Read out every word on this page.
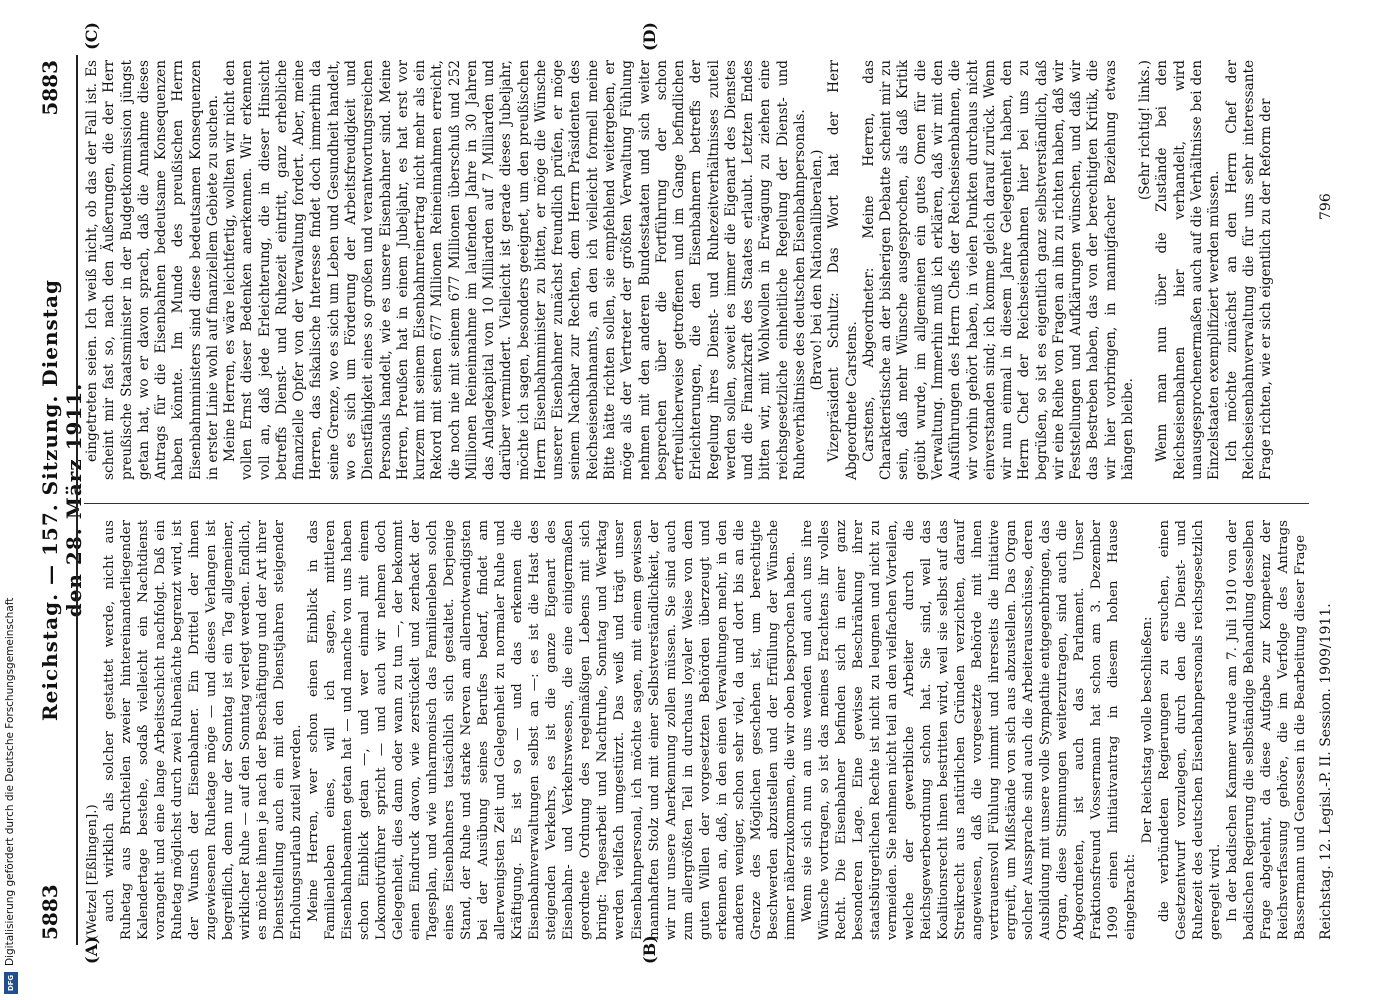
5883
Reichstag. — 157. Sitzung. Dienstag den 28. März 1911.
5883
(A)	(B)
(C)	(D)

(Wetzel [Eßlingen].) auch wirklich als solcher gestattet werde, nicht aus Ruhetag aus Bruchteilen zweier hintereinanderliegender Kalendertage bestehe, sodaß vielleicht ein Nachtdienst vorangeht und eine lange Arbeitsschicht nachfolgt. Daß ein Ruhetag möglichst durch zwei Ruhenächte begrenzt wird, ist der Wunsch der Eisenbahner. Ein Drittel der ihnen zugewiesenen Ruhetage möge — und dieses Verlangen ist begreiflich, denn nur der Sonntag ist ein Tag allgemeiner, wirklicher Ruhe — auf den Sonntag verlegt werden. Endlich, es möchte ihnen je nach der Beschäftigung und der Art ihrer Dienststellung auch ein mit den Dienstjahren steigender Erholungsurlaub zuteil werden. Meine Herren, wer schon einen Einblick in das Familienleben eines, will ich sagen, mittleren Eisenbahnbeamten getan hat — und manche von uns haben schon Einblick getan —, und wer einmal mit einem Lokomotivführer spricht — und auch wir nehmen doch Gelegenheit, dies dann oder wann zu tun —, der bekommt einen Eindruck davon, wie zerstückelt und zerhackt der Tagesplan, und wie unharmonisch das Familienleben solch eines Eisenbahners tatsächlich sich gestaltet. Derjenige Stand, der Ruhe und starke Nerven am allernotwendigsten bei der Ausübung seines Berufes bedarf, findet am allerwenigsten Zeit und Gelegenheit zu normaler Ruhe und Kräftigung. Es ist so — und das erkennen die Eisenbahnverwaltungen selbst an —: es ist die Hast des steigenden Verkehrs, es ist die ganze Eigenart des Eisenbahn- und Verkehrswesens, die eine einigermaßen geordnete Ordnung des regelmäßigen Lebens mit sich bringt: Tagesarbeit und Nachtruhe, Sonntag und Werktag werden vielfach umgestürzt. Das weiß und trägt unser Eisenbahnpersonal, ich möchte sagen, mit einem gewissen mannhaften Stolz und mit einer Selbstverständlichkeit, der wir nur unsere Anerkennung zollen müssen. Sie sind auch zum allergrößten Teil in durchaus loyaler Weise von dem guten Willen der vorgesetzten Behörden überzeugt und erkennen an, daß, in den einen Verwaltungen mehr, in den anderen weniger, schon sehr viel, da und dort bis an die Grenze des Möglichen geschehen ist, um berechtigte Beschwerden abzustellen und der Erfüllung der Wünsche immer näherzukommen, die wir oben besprochen haben. Wenn sie sich nun an uns wenden und auch uns ihre Wünsche vortragen, so ist das meines Erachtens ihr volles Recht. Die Eisenbahner befinden sich in einer ganz besonderen Lage. Eine gewisse Beschränkung ihrer staatsbürgerlichen Rechte ist nicht zu leugnen und nicht zu vermeiden. Sie nehmen nicht teil an den vielfachen Vorteilen, welche der gewerbliche Arbeiter durch die Reichsgewerbeordnung schon hat. Sie sind, weil das Koalitionsrecht ihnen bestritten wird, weil sie selbst auf das Streikrecht aus natürlichen Gründen verzichten, darauf angewiesen, daß die vorgesetzte Behörde mit ihnen vertrauensvoll Fühlung nimmt und ihrerseits die Initiative ergreift, um Mißstände von sich aus abzustellen. Das Organ solcher Aussprache sind auch die Arbeiterausschüsse, deren Ausbildung mit unsere volle Sympathie entgegenbringen, das Organ, diese Stimmungen weiterzutragen, sind auch die Abgeordneten, ist auch das Parlament. Unser Fraktionsfreund Vossermann hat schon am 3. Dezember 1909 einen Initiativantrag in diesem hohen Hause eingebracht:

Der Reichstag wolle beschließen: die verbündeten Regierungen zu ersuchen, einen Gesetzentwurf vorzulegen, durch den die Dienst- und Ruhezeit des deutschen Eisenbahnpersonals reichsgesetzlich geregelt wird. In der badischen Kammer wurde am 7. Juli 1910 von der badischen Regierung die selbständige Behandlung desselben Frage abgelehnt, da diese Aufgabe zur Kompetenz der Reichsverfassung gehöre, die im Verfolge des Antrags Bassermann und Genossen in die Bearbeitung dieser Frage

eingetreten seien. Ich weiß nicht, ob das der Fall ist. Es scheint mir fast so, nach den Äußerungen, die der Herr preußische Staatsminister in der Budgetkommission jüngst getan hat, wo er davon sprach, daß die Annahme dieses Antrags für die Eisenbahnen bedeutsame Konsequenzen haben könnte. Im Munde des preußischen Herrn Eisenbahnministers sind diese bedeutsamen Konsequenzen in erster Linie wohl auf finanziellem Gebiete zu suchen. Meine Herren, es wäre leichtfertig, wollten wir nicht den vollen Ernst dieser Bedenken anerkennen. Wir erkennen voll an, daß jede Erleichterung, die in dieser Hinsicht betreffs Dienst- und Ruhezeit eintritt, ganz erhebliche finanzielle Opfer von der Verwaltung fordert. Aber, meine Herren, das fiskalische Interesse findet doch immerhin da seine Grenze, wo es sich um Leben und Gesundheit handelt, wo es sich um Förderung der Arbeitsfreudigkeit und Dienstfähigkeit eines so großen und verantwortungsreichen Personals handelt, wie es unsere Eisenbahner sind. Meine Herren, Preußen hat in einem Jubeljahr, es hat erst vor kurzem mit seinem Eisenbahnreinertrag nicht mehr als ein Rekord mit seinen 677 Millionen Reineinnahmen erreicht, die noch nie mit seinem 677 Millionen überschuß und 252 Millionen Reineinnahme im laufenden Jahre in 30 Jahren das Anlagekapital von 10 Milliarden auf 7 Milliarden und darüber vermindert. Vielleicht ist gerade dieses Jubeljahr, möchte ich sagen, besonders geeignet, um den preußischen Herrn Eisenbahnminister zu bitten, er möge die Wünsche unserer Eisenbahner zunächst freundlich prüfen, er möge seinem Nachbar zur Rechten, dem Herrn Präsidenten des Reichseisenbahnamts, an den ich vielleicht formell meine Bitte hätte richten sollen, sie empfehlend weitergeben, er möge als der Vertreter der größten Verwaltung Fühlung nehmen mit den anderen Bundesstaaten und sich weiter besprechen über die Fortführung der schon erfreulicherweise getroffenen und im Gange befindlichen Erleichterungen, die den Eisenbahnern betreffs der Regelung ihres Dienst- und Ruhezeitverhältnisses zuteil werden sollen, soweit es immer die Eigenart des Dienstes und die Finanzkraft des Staates erlaubt. Letzten Endes bitten wir, mit Wohlwollen in Erwägung zu ziehen eine reichsgesetzliche einheitliche Regelung der Dienst- und Ruheverhältnisse des deutschen Eisenbahnpersonals. (Bravo! bei den Nationalliberalen.) Vizepräsident Schultz: Das Wort hat der Herr Abgeordnete Carstens. Carstens, Abgeordneter: Meine Herren, das Charakteristische an der bisherigen Debatte scheint mir zu sein, daß mehr Wünsche ausgesprochen, als daß Kritik geübt wurde, im allgemeinen ein gutes Omen für die Verwaltung. Immerhin muß ich erklären, daß wir mit den Ausführungen des Herrn Chefs der Reichseisenbahnen, die wir vorhin gehört haben, in vielen Punkten durchaus nicht einverstanden sind; ich komme gleich darauf zurück. Wenn wir nun einmal in diesem Jahre Gelegenheit haben, den Herrn Chef der Reichseisenbahnen hier bei uns zu begrüßen, so ist es eigentlich ganz selbstverständlich, daß wir eine Reihe von Fragen an ihn zu richten haben, daß wir Feststellungen und Aufklärungen wünschen, und daß wir das Bestreben haben, das von der berechtigten Kritik, die wir hier vorbringen, in mannigfacher Beziehung etwas hängen bleibe.

(Sehr richtig! links.) Wenn man nun über die Zustände bei den Reichseisenbahnen hier verhandelt, wird unausgesprochenermaßen auch auf die Verhältnisse bei den Einzelstaaten exemplifiziert werden müssen. Ich möchte zunächst an den Herrn Chef der Reichseisenbahnverwaltung die für uns sehr interessante Frage richten, wie er sich eigentlich zu der Reform der

Reichstag. 12. Legisl.-P. II. Session. 1909/1911.
796
Digitalisierung gefördert durch die Deutsche Forschungsgemeinschaft
DFG
